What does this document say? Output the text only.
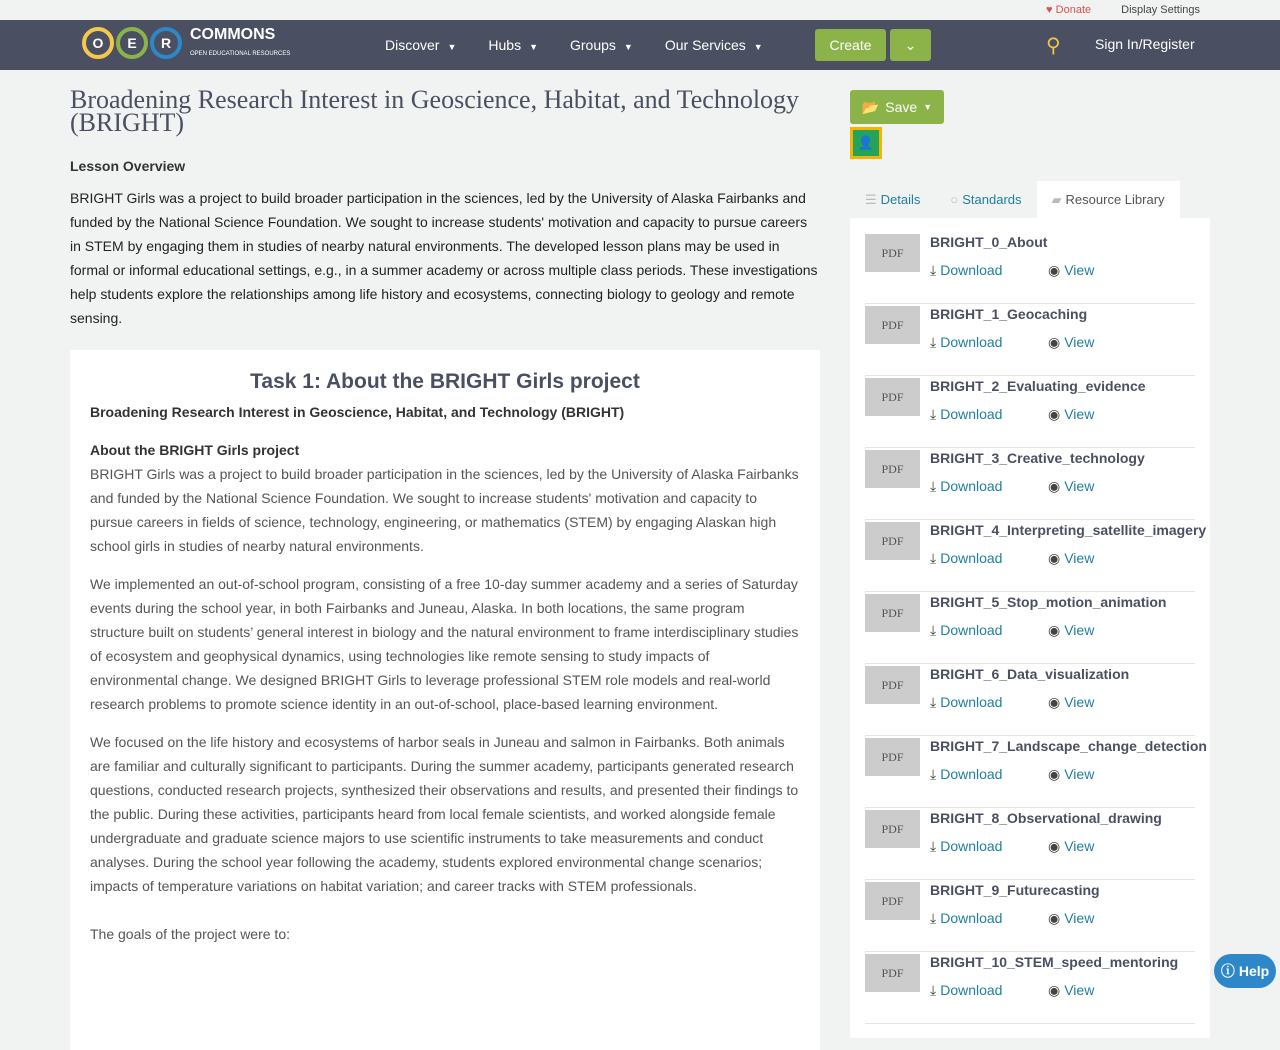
♥ Donate	Display Settings
O	E	R	COMMONS
OPEN EDUCATIONAL RESOURCES
Discover ▼ Hubs ▼ Groups ▼ Our Services ▼	Create	⌄	⚲ Sign In/Register
Broadening Research Interest in Geoscience, Habitat, and Technology (BRIGHT)
Lesson Overview
BRIGHT Girls was a project to build broader participation in the sciences, led by the University of Alaska Fairbanks and funded by the National Science Foundation. We sought to increase students' motivation and capacity to pursue careers in STEM by engaging them in studies of nearby natural environments. The developed lesson plans may be used in formal or informal educational settings, e.g., in a summer academy or across multiple class periods. These investigations help students explore the relationships among life history and ecosystems, connecting biology to geology and remote sensing.
Task 1: About the BRIGHT Girls project
Broadening Research Interest in Geoscience, Habitat, and Technology (BRIGHT)
About the BRIGHT Girls project

BRIGHT Girls was a project to build broader participation in the sciences, led by the University of Alaska Fairbanks and funded by the National Science Foundation. We sought to increase students' motivation and capacity to pursue careers in fields of science, technology, engineering, or mathematics (STEM) by engaging Alaskan high school girls in studies of nearby natural environments.

We implemented an out-of-school program, consisting of a free 10-day summer academy and a series of Saturday events during the school year, in both Fairbanks and Juneau, Alaska. In both locations, the same program structure built on students’ general interest in biology and the natural environment to frame interdisciplinary studies of ecosystem and geophysical dynamics, using technologies like remote sensing to study impacts of environmental change. We designed BRIGHT Girls to leverage professional STEM role models and real-world research problems to promote science identity in an out-of-school, place-based learning environment.

We focused on the life history and ecosystems of harbor seals in Juneau and salmon in Fairbanks. Both animals are familiar and culturally significant to participants. During the summer academy, participants generated research questions, conducted research projects, synthesized their observations and results, and presented their findings to the public. During these activities, participants heard from local female scientists, and worked alongside female undergraduate and graduate science majors to use scientific instruments to take measurements and conduct analyses. During the school year following the academy, students explored environmental change scenarios; impacts of temperature variations on habitat variation; and career tracks with STEM professionals.

The goals of the project were to:

📂 Save ▼
👤
☰ Details ○ Standards ▰ Resource Library
PDF
BRIGHT_0_About
⤓ Download	◉ View
PDF
BRIGHT_1_Geocaching
⤓ Download	◉ View
PDF
BRIGHT_2_Evaluating_evidence
⤓ Download	◉ View
PDF
BRIGHT_3_Creative_technology
⤓ Download	◉ View
PDF
BRIGHT_4_Interpreting_satellite_imagery
⤓ Download	◉ View
PDF
BRIGHT_5_Stop_motion_animation
⤓ Download	◉ View
PDF
BRIGHT_6_Data_visualization
⤓ Download	◉ View
PDF
BRIGHT_7_Landscape_change_detection
⤓ Download	◉ View
PDF
BRIGHT_8_Observational_drawing
⤓ Download	◉ View
PDF
BRIGHT_9_Futurecasting
⤓ Download	◉ View
PDF
BRIGHT_10_STEM_speed_mentoring
⤓ Download	◉ View
ⓘ Help
